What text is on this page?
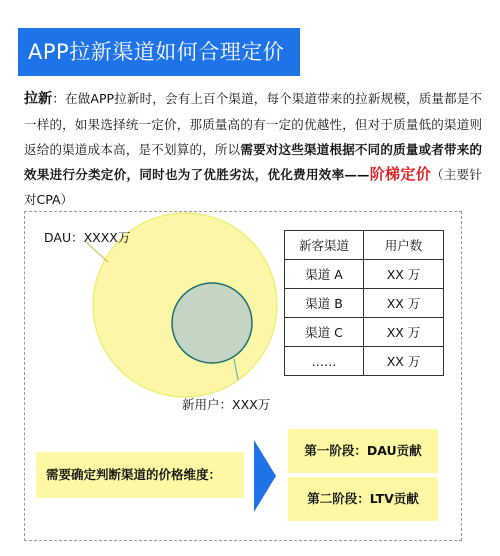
APP拉新渠道如何合理定价
拉新：在做APP拉新时，会有上百个渠道，每个渠道带来的拉新规模，质量都是不一样的，如果选择统一定价，那质量高的有一定的优越性，但对于质量低的渠道则返给的渠道成本高，是不划算的，所以需要对这些渠道根据不同的质量或者带来的效果进行分类定价，同时也为了优胜劣汰，优化费用效率——阶梯定价（主要针对CPA）
DAU：XXXX万
新用户：XXX万
新客渠道	用户数
渠道 A	XX 万
渠道 B	XX 万
渠道 C	XX 万
……	XX 万
需要确定判断渠道的价格维度：
第一阶段：DAU贡献
第二阶段：LTV贡献
